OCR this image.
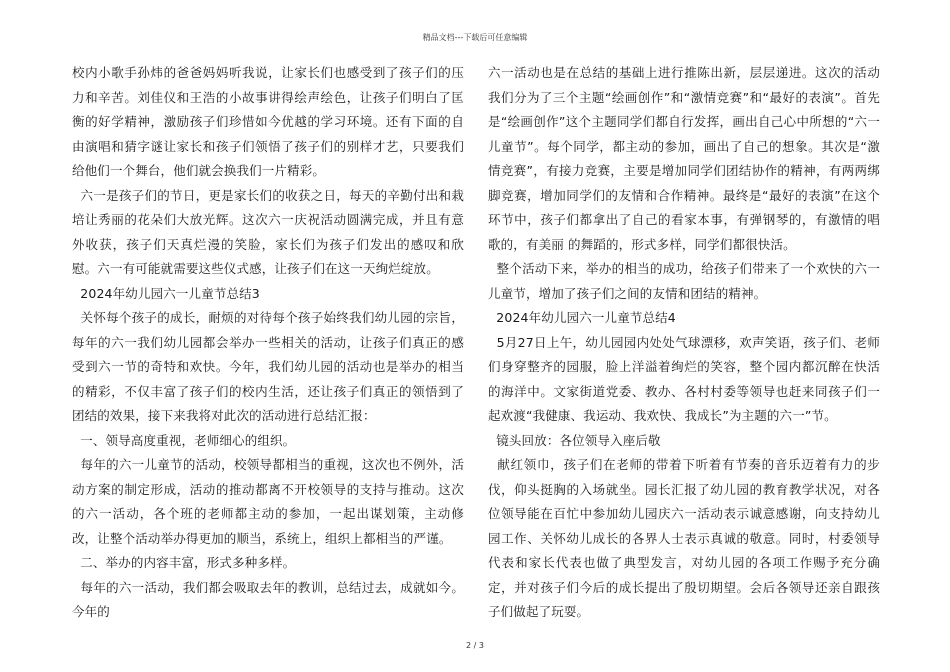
精品文档---下载后可任意编辑

校内小歌手孙炜的爸爸妈妈听我说，让家长们也感受到了孩子们的压力和辛苦。刘佳仪和王浩的小故事讲得绘声绘色，让孩子们明白了匡衡的好学精神，激励孩子们珍惜如今优越的学习环境。还有下面的自由演唱和猜字谜让家长和孩子们领悟了孩子们的别样才艺，只要我们给他们一个舞台，他们就会换我们一片精彩。

六一是孩子们的节日，更是家长们的收获之日，每天的辛勤付出和栽培让秀丽的花朵们大放光辉。这次六一庆祝活动圆满完成，并且有意外收获，孩子们天真烂漫的笑脸，家长们为孩子们发出的感叹和欣慰。六一有可能就需要这些仪式感，让孩子们在这一天绚烂绽放。

2024年幼儿园六一儿童节总结3

关怀每个孩子的成长，耐烦的对待每个孩子始终我们幼儿园的宗旨，每年的六一我们幼儿园都会举办一些相关的活动，让孩子们真正的感受到六一节的奇特和欢快。今年，我们幼儿园的活动也是举办的相当的精彩，不仅丰富了孩子们的校内生活，还让孩子们真正的领悟到了团结的效果，接下来我将对此次的活动进行总结汇报：

一、领导高度重视，老师细心的组织。

每年的六一儿童节的活动，校领导都相当的重视，这次也不例外，活动方案的制定形成，活动的推动都离不开校领导的支持与推动。这次的六一活动，各个班的老师都主动的参加，一起出谋划策，主动修改，让整个活动举办得更加的顺当，系统上，组织上都相当的严谨。

二、举办的内容丰富，形式多种多样。

每年的六一活动，我们都会吸取去年的教训，总结过去，成就如今。今年的

六一活动也是在总结的基础上进行推陈出新，层层递进。这次的活动我们分为了三个主题“绘画创作”和“激情竞赛”和“最好的表演”。首先是“绘画创作”这个主题同学们都自行发挥，画出自己心中所想的“六一儿童节”。每个同学，都主动的参加，画出了自己的想象。其次是“激情竞赛”，有接力竞赛，主要是增加同学们团结协作的精神，有两两绑脚竞赛，增加同学们的友情和合作精神。最终是“最好的表演”在这个环节中，孩子们都拿出了自己的看家本事，有弹钢琴的，有激情的唱歌的，有美丽 的舞蹈的，形式多样，同学们都很快活。

整个活动下来，举办的相当的成功，给孩子们带来了一个欢快的六一儿童节，增加了孩子们之间的友情和团结的精神。

2024年幼儿园六一儿童节总结4

5月27日上午，幼儿园园内处处气球漂移，欢声笑语，孩子们、老师们身穿整齐的园服，脸上洋溢着绚烂的笑容，整个园内都沉醉在快活的海洋中。文家街道党委、教办、各村村委等领导也赶来同孩子们一起欢渡“我健康、我运动、我欢快、我成长”为主题的六一”节。

镜头回放：各位领导入座后敬

献红领巾，孩子们在老师的带着下听着有节奏的音乐迈着有力的步伐，仰头挺胸的入场就坐。园长汇报了幼儿园的教育教学状况，对各位领导能在百忙中参加幼儿园庆六一活动表示诚意感谢，向支持幼儿园工作、关怀幼儿成长的各界人士表示真诚的敬意。同时，村委领导代表和家长代表也做了典型发言，对幼儿园的各项工作赐予充分确定，并对孩子们今后的成长提出了殷切期望。会后各领导还亲自跟孩子们做起了玩耍。

2 / 3
